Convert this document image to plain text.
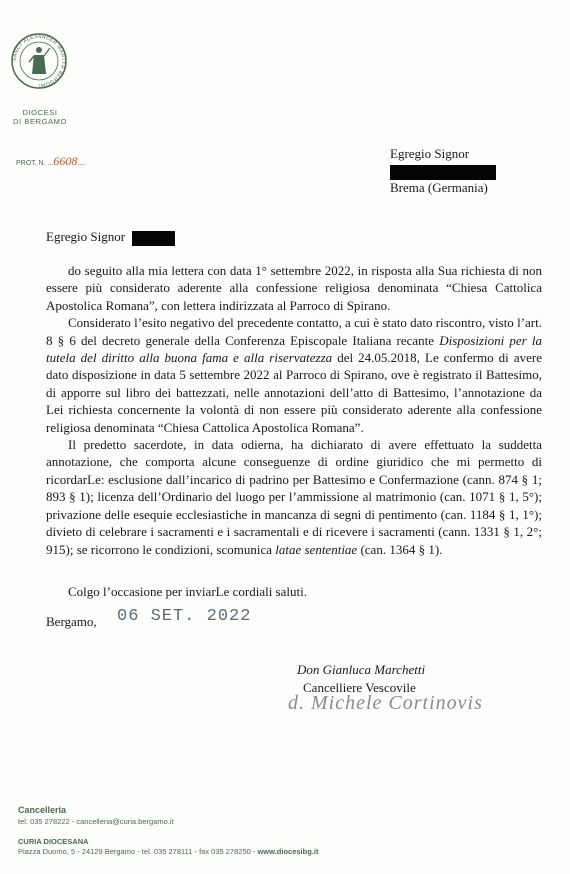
SANCT ALEXANDER MARTYR BERGOMI
DIOCESI
DI BERGAMO
PROT. N. ...6608....
Egregio Signor
Brema (Germania)
Egregio Signor

do seguito alla mia lettera con data 1° settembre 2022, in risposta alla Sua richiesta di non essere più considerato aderente alla confessione religiosa denominata “Chiesa Cattolica Apostolica Romana”, con lettera indirizzata al Parroco di Spirano.

Considerato l’esito negativo del precedente contatto, a cui è stato dato riscontro, visto l’art. 8 § 6 del decreto generale della Conferenza Episcopale Italiana recante Disposizioni per la tutela del diritto alla buona fama e alla riservatezza del 24.05.2018, Le confermo di avere dato disposizione in data 5 settembre 2022 al Parroco di Spirano, ove è registrato il Battesimo, di apporre sul libro dei battezzati, nelle annotazioni dell’atto di Battesimo, l’annotazione da Lei richiesta concernente la volontà di non essere più considerato aderente alla confessione religiosa denominata “Chiesa Cattolica Apostolica Romana”.

Il predetto sacerdote, in data odierna, ha dichiarato di avere effettuato la suddetta annotazione, che comporta alcune conseguenze di ordine giuridico che mi permetto di ricordarLe: esclusione dall’incarico di padrino per Battesimo e Confermazione (cann. 874 § 1; 893 § 1); licenza dell’Ordinario del luogo per l’ammissione al matrimonio (can. 1071 § 1, 5°); privazione delle esequie ecclesiastiche in mancanza di segni di pentimento (can. 1184 § 1, 1°); divieto di celebrare i sacramenti e i sacramentali e di ricevere i sacramenti (cann. 1331 § 1, 2°; 915); se ricorrono le condizioni, scomunica latae sententiae (can. 1364 § 1).

Colgo l’occasione per inviarLe cordiali saluti.
Bergamo, 06 SET. 2022
Don Gianluca Marchetti
Cancelliere Vescovile
d. Michele Cortinovis
Cancelleria
tel. 035 278222 - cancelleria@curia.bergamo.it
CURIA DIOCESANA
Piazza Duomo, 5 - 24129 Bergamo - tel. 035 278111 - fax 035 278250 - www.diocesibg.it
